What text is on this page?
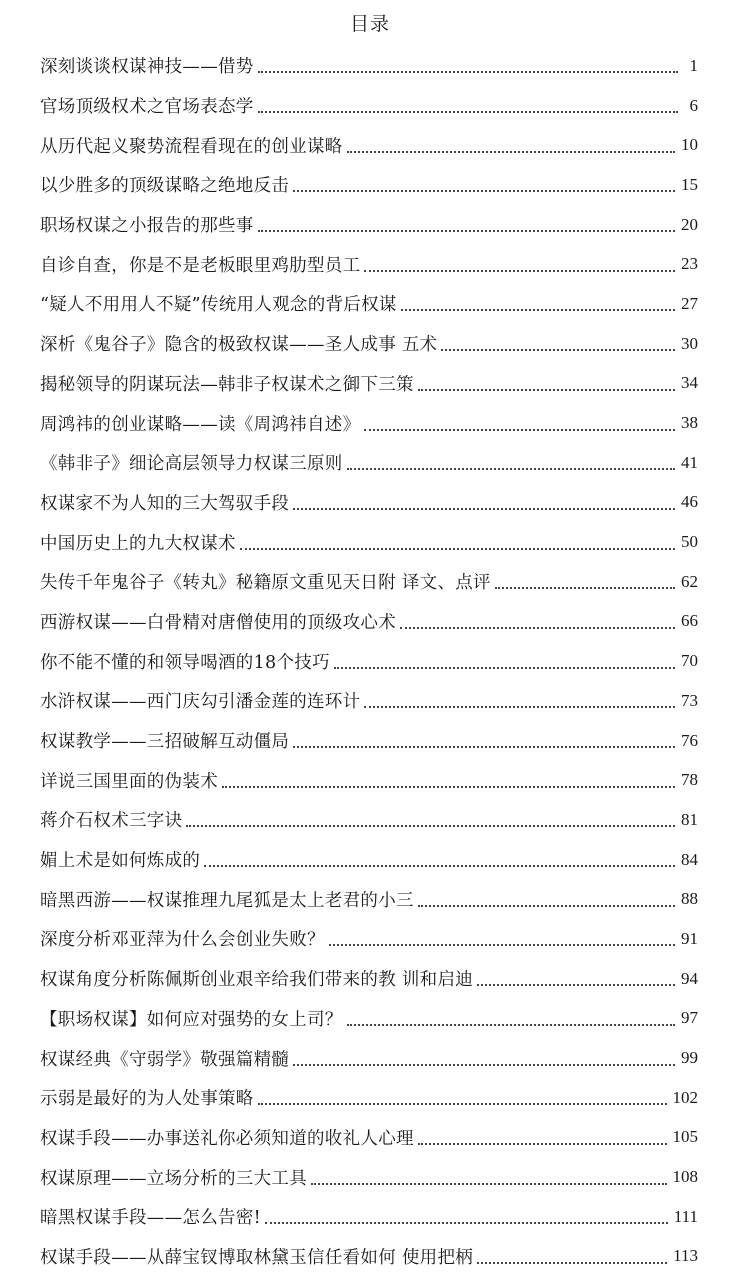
目录
深刻谈谈权谋神技——借势	1
官场顶级权术之官场表态学	6
从历代起义聚势流程看现在的创业谋略	10
以少胜多的顶级谋略之绝地反击	15
职场权谋之小报告的那些事	20
自诊自查，你是不是老板眼里鸡肋型员工	23
“疑人不用用人不疑”传统用人观念的背后权谋	27
深析《鬼谷子》隐含的极致权谋——圣人成事 五术	30
揭秘领导的阴谋玩法—韩非子权谋术之御下三策	34
周鸿祎的创业谋略——读《周鸿祎自述》	38
《韩非子》细论高层领导力权谋三原则	41
权谋家不为人知的三大驾驭手段	46
中国历史上的九大权谋术	50
失传千年鬼谷子《转丸》秘籍原文重见天日附 译文、点评	62
西游权谋——白骨精对唐僧使用的顶级攻心术	66
你不能不懂的和领导喝酒的18个技巧	70
水浒权谋——西门庆勾引潘金莲的连环计	73
权谋教学——三招破解互动僵局	76
详说三国里面的伪装术	78
蒋介石权术三字诀	81
媚上术是如何炼成的	84
暗黑西游——权谋推理九尾狐是太上老君的小三	88
深度分析邓亚萍为什么会创业失败？	91
权谋角度分析陈佩斯创业艰辛给我们带来的教 训和启迪	94
【职场权谋】如何应对强势的女上司？	97
权谋经典《守弱学》敬强篇精髓	99
示弱是最好的为人处事策略	102
权谋手段——办事送礼你必须知道的收礼人心理	105
权谋原理——立场分析的三大工具	108
暗黑权谋手段——怎么告密!	111
权谋手段——从薛宝钗博取林黛玉信任看如何 使用把柄	113
